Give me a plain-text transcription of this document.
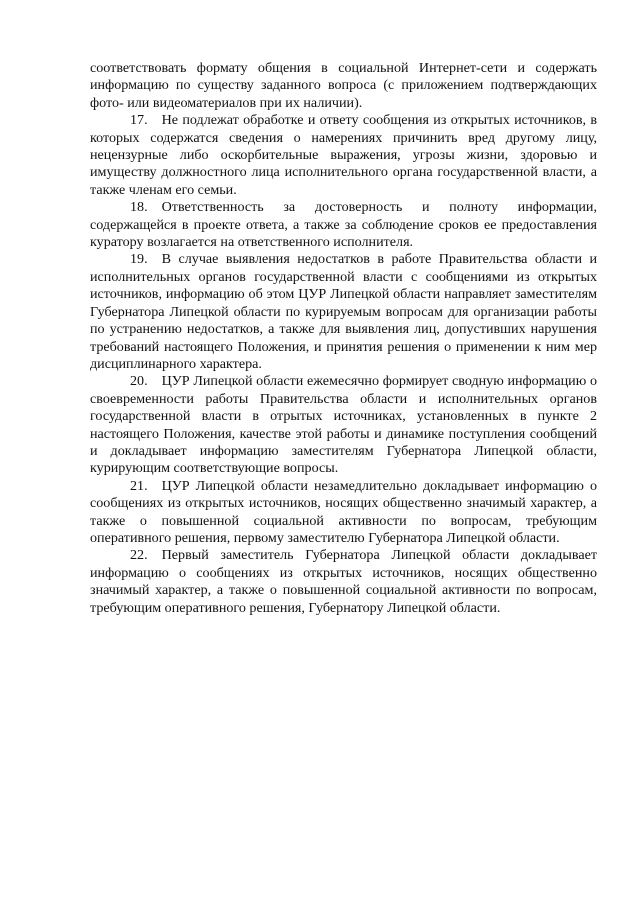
соответствовать формату общения в социальной Интернет-сети и содержать информацию по существу заданного вопроса (с приложением подтверждающих фото- или видеоматериалов при их наличии).

17. Не подлежат обработке и ответу сообщения из открытых источников, в которых содержатся сведения о намерениях причинить вред другому лицу, нецензурные либо оскорбительные выражения, угрозы жизни, здоровью и имуществу должностного лица исполнительного органа государственной власти, а также членам его семьи.

18. Ответственность за достоверность и полноту информации, содержащейся в проекте ответа, а также за соблюдение сроков ее предоставления куратору возлагается на ответственного исполнителя.

19. В случае выявления недостатков в работе Правительства области и исполнительных органов государственной власти с сообщениями из открытых источников, информацию об этом ЦУР Липецкой области направляет заместителям Губернатора Липецкой области по курируемым вопросам для организации работы по устранению недостатков, а также для выявления лиц, допустивших нарушения требований настоящего Положения, и принятия решения о применении к ним мер дисциплинарного характера.

20. ЦУР Липецкой области ежемесячно формирует сводную информацию о своевременности работы Правительства области и исполнительных органов государственной власти в отрытых источниках, установленных в пункте 2 настоящего Положения, качестве этой работы и динамике поступления сообщений и докладывает информацию заместителям Губернатора Липецкой области, курирующим соответствующие вопросы.

21. ЦУР Липецкой области незамедлительно докладывает информацию о сообщениях из открытых источников, носящих общественно значимый характер, а также о повышенной социальной активности по вопросам, требующим оперативного решения, первому заместителю Губернатора Липецкой области.

22. Первый заместитель Губернатора Липецкой области докладывает информацию о сообщениях из открытых источников, носящих общественно значимый характер, а также о повышенной социальной активности по вопросам, требующим оперативного решения, Губернатору Липецкой области.
